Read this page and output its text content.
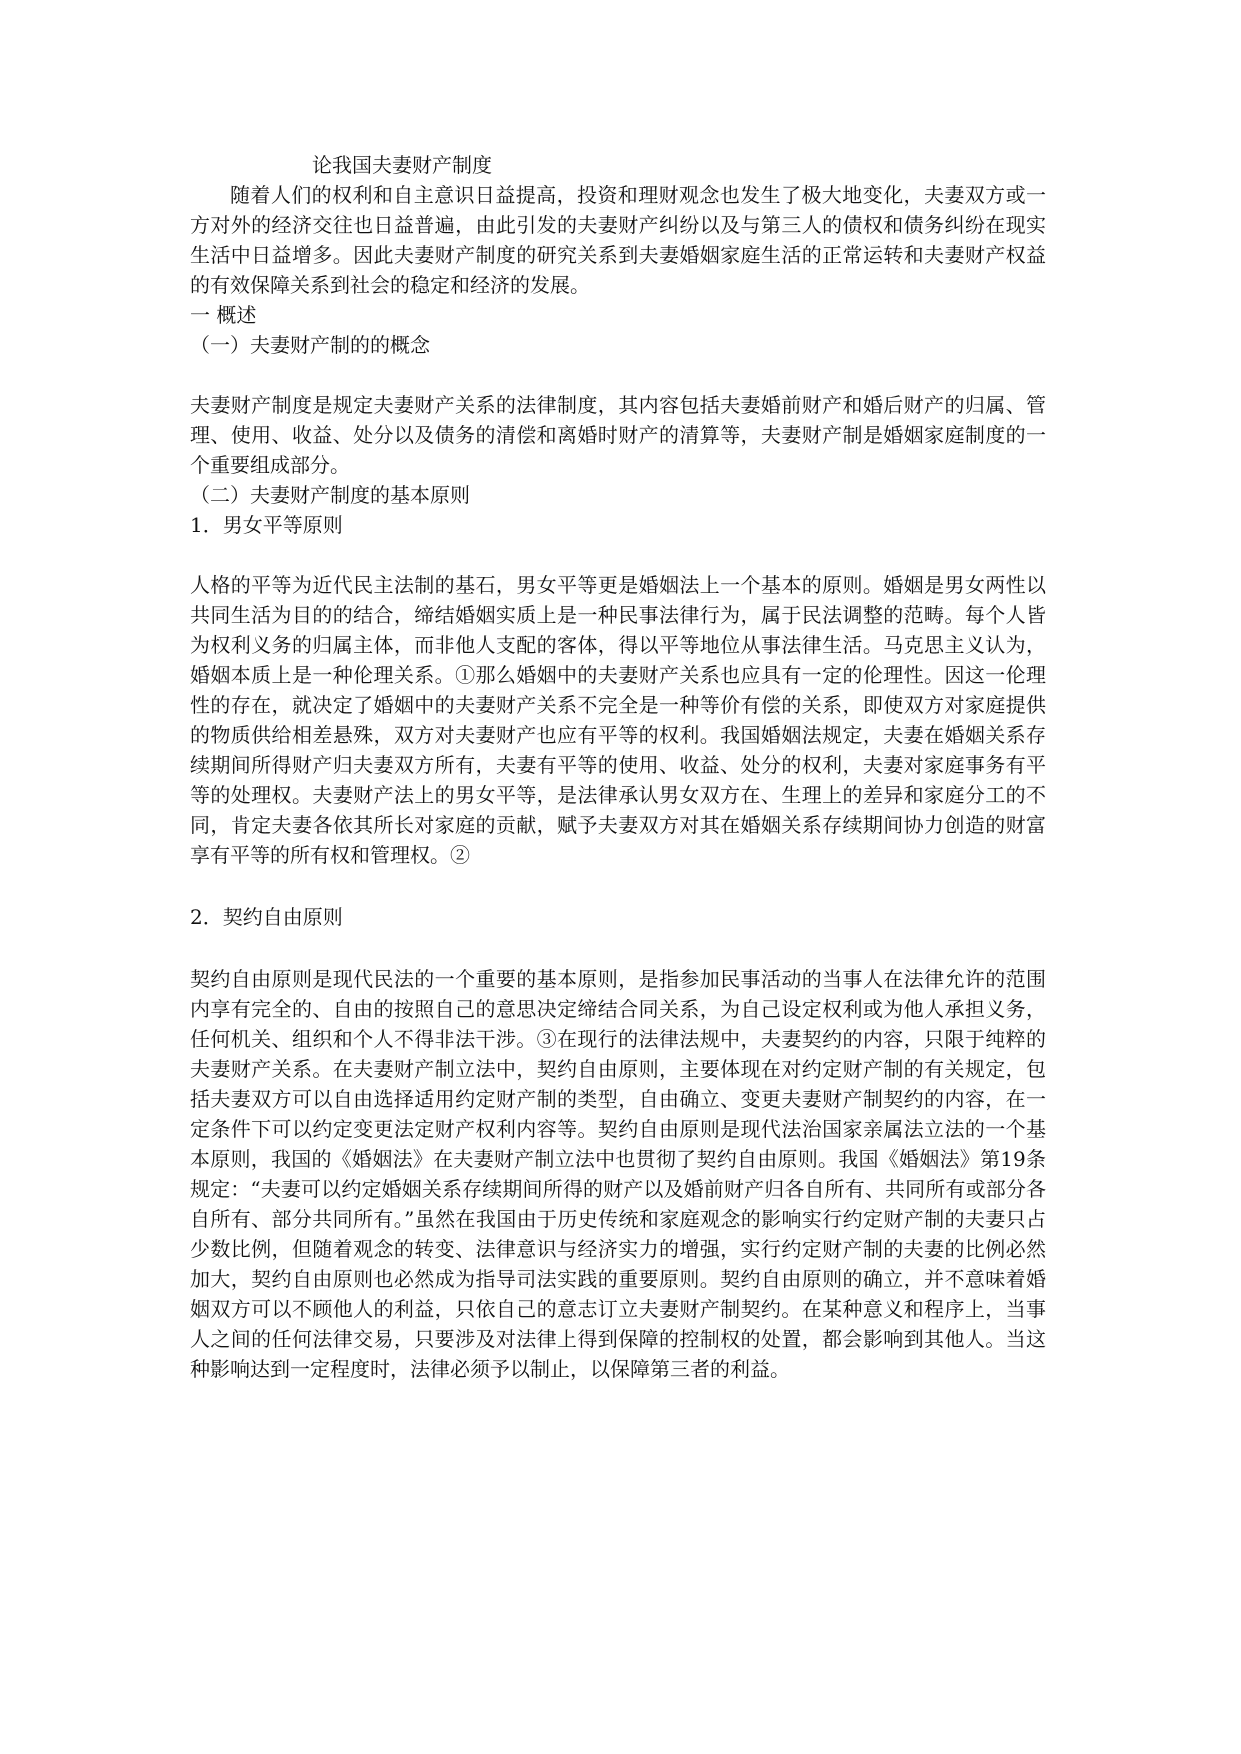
论我国夫妻财产制度

随着人们的权利和自主意识日益提高，投资和理财观念也发生了极大地变化，夫妻双方或一方对外的经济交往也日益普遍，由此引发的夫妻财产纠纷以及与第三人的债权和债务纠纷在现实生活中日益增多。因此夫妻财产制度的研究关系到夫妻婚姻家庭生活的正常运转和夫妻财产权益的有效保障关系到社会的稳定和经济的发展。

一 概述

（一）夫妻财产制的的概念

夫妻财产制度是规定夫妻财产关系的法律制度，其内容包括夫妻婚前财产和婚后财产的归属、管理、使用、收益、处分以及债务的清偿和离婚时财产的清算等，夫妻财产制是婚姻家庭制度的一个重要组成部分。

（二）夫妻财产制度的基本原则

1．男女平等原则

人格的平等为近代民主法制的基石，男女平等更是婚姻法上一个基本的原则。婚姻是男女两性以共同生活为目的的结合，缔结婚姻实质上是一种民事法律行为，属于民法调整的范畴。每个人皆为权利义务的归属主体，而非他人支配的客体，得以平等地位从事法律生活。马克思主义认为，婚姻本质上是一种伦理关系。①那么婚姻中的夫妻财产关系也应具有一定的伦理性。因这一伦理性的存在，就决定了婚姻中的夫妻财产关系不完全是一种等价有偿的关系，即使双方对家庭提供的物质供给相差悬殊，双方对夫妻财产也应有平等的权利。我国婚姻法规定，夫妻在婚姻关系存续期间所得财产归夫妻双方所有，夫妻有平等的使用、收益、处分的权利，夫妻对家庭事务有平等的处理权。夫妻财产法上的男女平等，是法律承认男女双方在、生理上的差异和家庭分工的不同，肯定夫妻各依其所长对家庭的贡献，赋予夫妻双方对其在婚姻关系存续期间协力创造的财富享有平等的所有权和管理权。②

2．契约自由原则

契约自由原则是现代民法的一个重要的基本原则，是指参加民事活动的当事人在法律允许的范围内享有完全的、自由的按照自己的意思决定缔结合同关系，为自己设定权利或为他人承担义务，任何机关、组织和个人不得非法干涉。③在现行的法律法规中，夫妻契约的内容，只限于纯粹的夫妻财产关系。在夫妻财产制立法中，契约自由原则，主要体现在对约定财产制的有关规定，包括夫妻双方可以自由选择适用约定财产制的类型，自由确立、变更夫妻财产制契约的内容，在一定条件下可以约定变更法定财产权利内容等。契约自由原则是现代法治国家亲属法立法的一个基本原则，我国的《婚姻法》在夫妻财产制立法中也贯彻了契约自由原则。我国《婚姻法》第19条规定：“夫妻可以约定婚姻关系存续期间所得的财产以及婚前财产归各自所有、共同所有或部分各自所有、部分共同所有。”虽然在我国由于历史传统和家庭观念的影响实行约定财产制的夫妻只占少数比例，但随着观念的转变、法律意识与经济实力的增强，实行约定财产制的夫妻的比例必然加大，契约自由原则也必然成为指导司法实践的重要原则。契约自由原则的确立，并不意味着婚姻双方可以不顾他人的利益，只依自己的意志订立夫妻财产制契约。在某种意义和程序上，当事人之间的任何法律交易，只要涉及对法律上得到保障的控制权的处置，都会影响到其他人。当这种影响达到一定程度时，法律必须予以制止，以保障第三者的利益。
